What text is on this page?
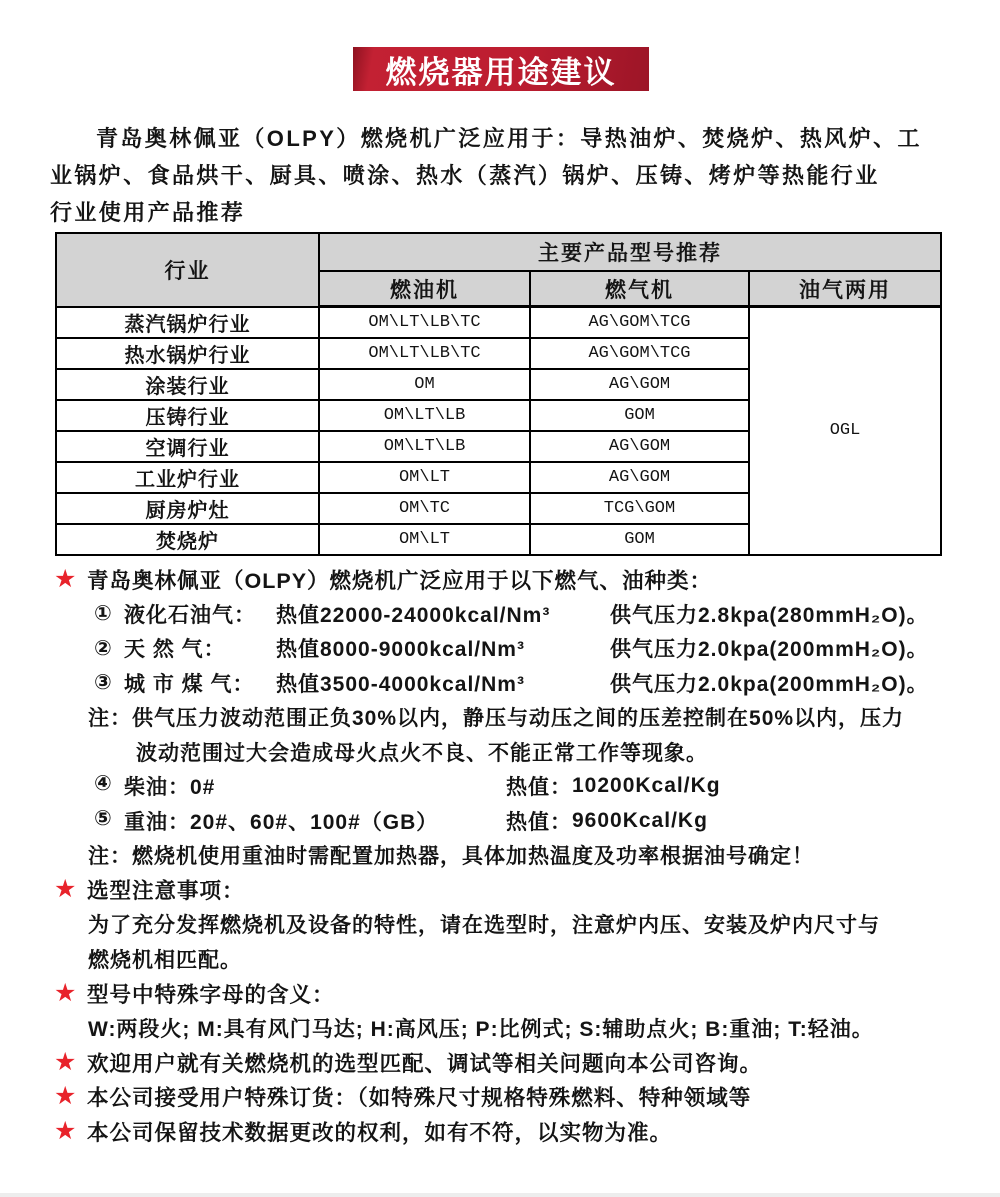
燃烧器用途建议
青岛奥林佩亚（OLPY）燃烧机广泛应用于：导热油炉、焚烧炉、热风炉、工
业锅炉、食品烘干、厨具、喷涂、热水（蒸汽）锅炉、压铸、烤炉等热能行业
行业使用产品推荐
行业	主要产品型号推荐		
	燃油机	燃气机	油气两用
蒸汽锅炉行业	OM\LT\LB\TC	AG\GOM\TCG	OGL
热水锅炉行业	OM\LT\LB\TC	AG\GOM\TCG	
涂装行业	OM	AG\GOM	
压铸行业	OM\LT\LB	GOM	
空调行业	OM\LT\LB	AG\GOM	
工业炉行业	OM\LT	AG\GOM	
厨房炉灶	OM\TC	TCG\GOM	
焚烧炉	OM\LT	GOM	
★ 青岛奥林佩亚（OLPY）燃烧机广泛应用于以下燃气、油种类：
① 液化石油气： 热值22000-24000kcal/Nm³	供气压力2.8kpa(280mmH₂O)。
② 天 然 气：	热值8000-9000kcal/Nm³	供气压力2.0kpa(200mmH₂O)。
③ 城 市 煤 气：	热值3500-4000kcal/Nm³	供气压力2.0kpa(200mmH₂O)。
注：供气压力波动范围正负30%以内，静压与动压之间的压差控制在50%以内，压力
波动范围过大会造成母火点火不良、不能正常工作等现象。
④ 柴油：0#	热值： 10200Kcal/Kg
⑤ 重油：20#、60#、100#（GB）	热值： 9600Kcal/Kg
注：燃烧机使用重油时需配置加热器，具体加热温度及功率根据油号确定！
★ 选型注意事项：
为了充分发挥燃烧机及设备的特性，请在选型时，注意炉内压、安装及炉内尺寸与
燃烧机相匹配。
★ 型号中特殊字母的含义：
W:两段火; M:具有风门马达; H:高风压; P:比例式; S:辅助点火; B:重油; T:轻油。
★ 欢迎用户就有关燃烧机的选型匹配、调试等相关问题向本公司咨询。
★ 本公司接受用户特殊订货：（如特殊尺寸规格特殊燃料、特种领域等
★ 本公司保留技术数据更改的权利，如有不符，以实物为准。
